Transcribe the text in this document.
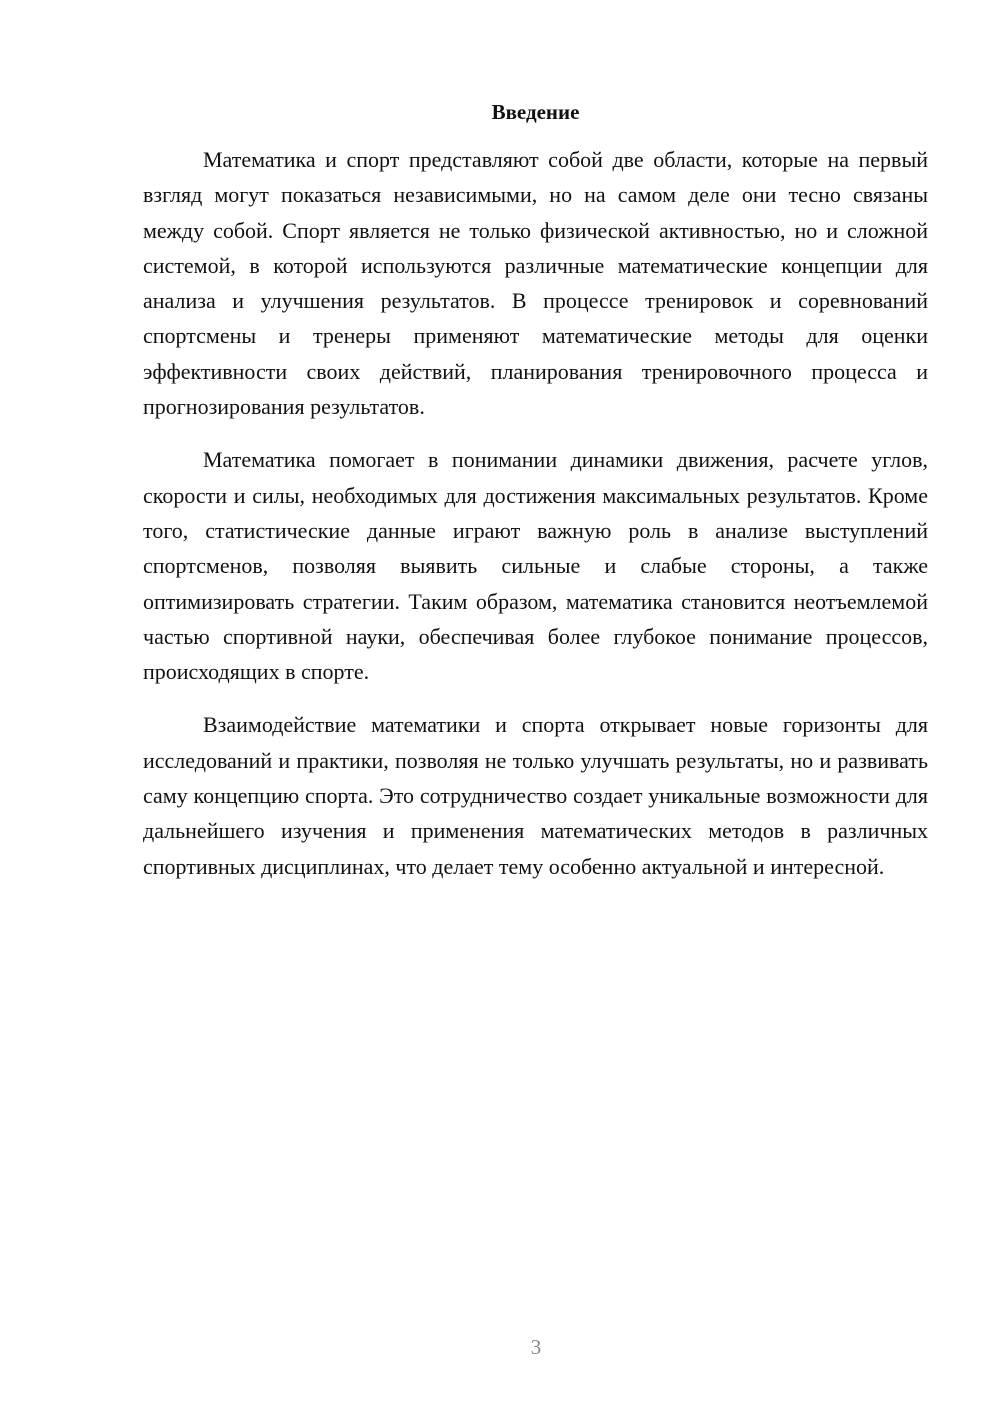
Введение

Математика и спорт представляют собой две области, которые на первый взгляд могут показаться независимыми, но на самом деле они тесно связаны между собой. Спорт является не только физической активностью, но и сложной системой, в которой используются различные математические концепции для анализа и улучшения результатов. В процессе тренировок и соревнований спортсмены и тренеры применяют математические методы для оценки эффективности своих действий, планирования тренировочного процесса и прогнозирования результатов.

Математика помогает в понимании динамики движения, расчете углов, скорости и силы, необходимых для достижения максимальных результатов. Кроме того, статистические данные играют важную роль в анализе выступлений спортсменов, позволяя выявить сильные и слабые стороны, а также оптимизировать стратегии. Таким образом, математика становится неотъемлемой частью спортивной науки, обеспечивая более глубокое понимание процессов, происходящих в спорте.

Взаимодействие математики и спорта открывает новые горизонты для исследований и практики, позволяя не только улучшать результаты, но и развивать саму концепцию спорта. Это сотрудничество создает уникальные возможности для дальнейшего изучения и применения математических методов в различных спортивных дисциплинах, что делает тему особенно актуальной и интересной.

3
